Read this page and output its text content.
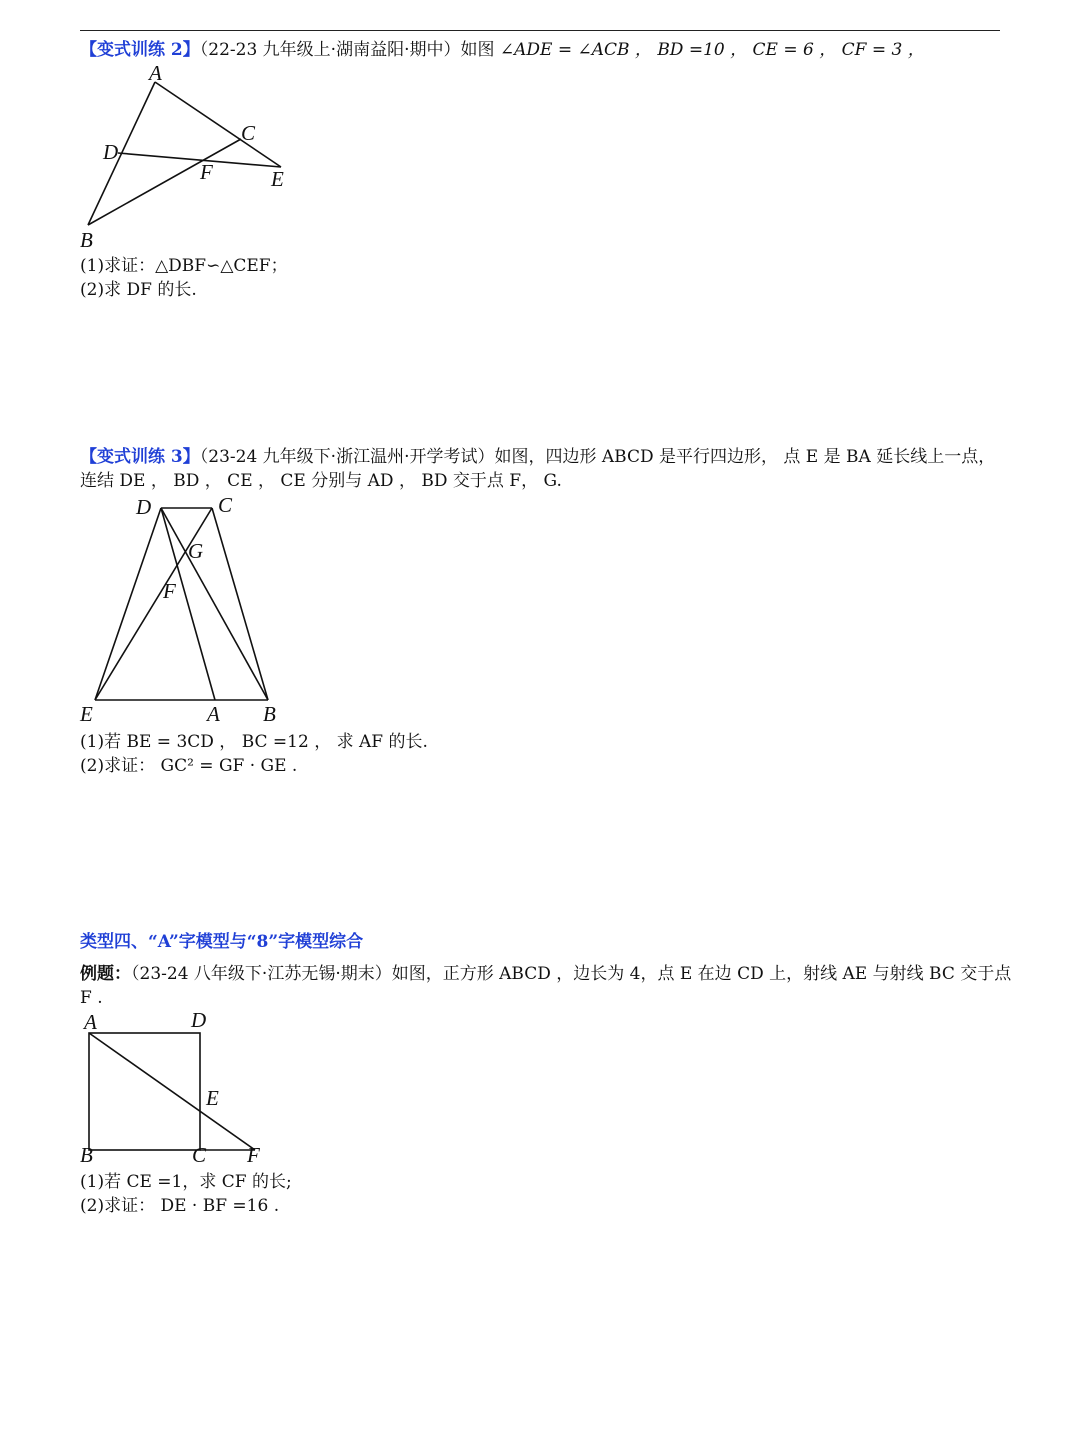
【变式训练 2】（22-23 九年级上·湖南益阳·期中）如图 ∠ADE = ∠ACB ， BD =10 ， CE = 6 ， CF = 3 ，
A
C
D
F	E
B
(1)求证：△DBF∽△CEF；
(2)求 DF 的长.
【变式训练 3】（23-24 九年级下·浙江温州·开学考试）如图，四边形 ABCD 是平行四边形， 点 E 是 BA 延长线上一点，
连结 DE ， BD ， CE ， CE 分别与 AD ， BD 交于点 F， G.
D	C
G
F
E	A B
(1)若 BE = 3CD ， BC =12 ， 求 AF 的长.
(2)求证： GC² = GF · GE .
类型四、“A”字模型与“8”字模型综合
例题：（23-24 八年级下·江苏无锡·期末）如图，正方形 ABCD ，边长为 4，点 E 在边 CD 上，射线 AE 与射线 BC 交于点
F .
A	D
E
B	C F
(1)若 CE =1，求 CF 的长;
(2)求证： DE · BF =16 .
